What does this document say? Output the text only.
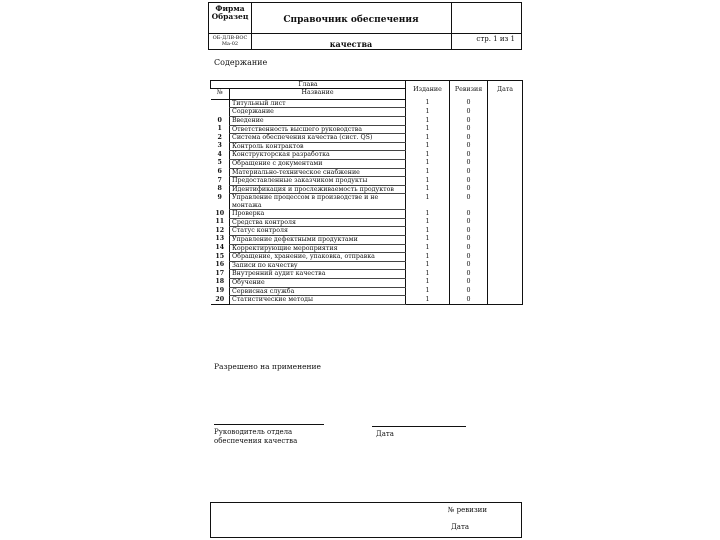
Фирма
Образец
ОБ-ДЛВ-ВОС
Ма-02
Справочник обеспечения
качества	стр. 1 из 1
Содержание
Глава		Издание	Ревизия	Дата
№	Название			

	Титульный лист	1	0	
	Содержание	1	0	
0	Введение	1	0	
1	Ответственность высшего руководства	1	0	
2	Система обеспечения качества (сист. QS)	1	0	
3	Контроль контрактов	1	0	
4	Конструкторская разработка	1	0	
5	Обращение с документами	1	0	
6	Материально-техническое снабжение	1	0	
7	Предоставленные заказчиком продукты	1	0	
8	Идентификация и прослеживаемость продуктов	1	0	
9	Управление процессом в производстве и не монтажа	1	0	
10	Проверка	1	0	
11	Средства контроля	1	0	
12	Статус контроля	1	0	
13	Управление дефектными продуктами	1	0	
14	Корректирующие мероприятия	1	0	
15	Обращение, хранение, упаковка, отправка	1	0	
16	Записи по качеству	1	0	
17	Внутренний аудит качества	1	0	
18	Обучение	1	0	
19	Сервисная служба	1	0	
20	Статистические методы	1	0	
Разрешено на применение
Руководитель отдела
обеспечения качества
Дата
№ ревизии
Дата
